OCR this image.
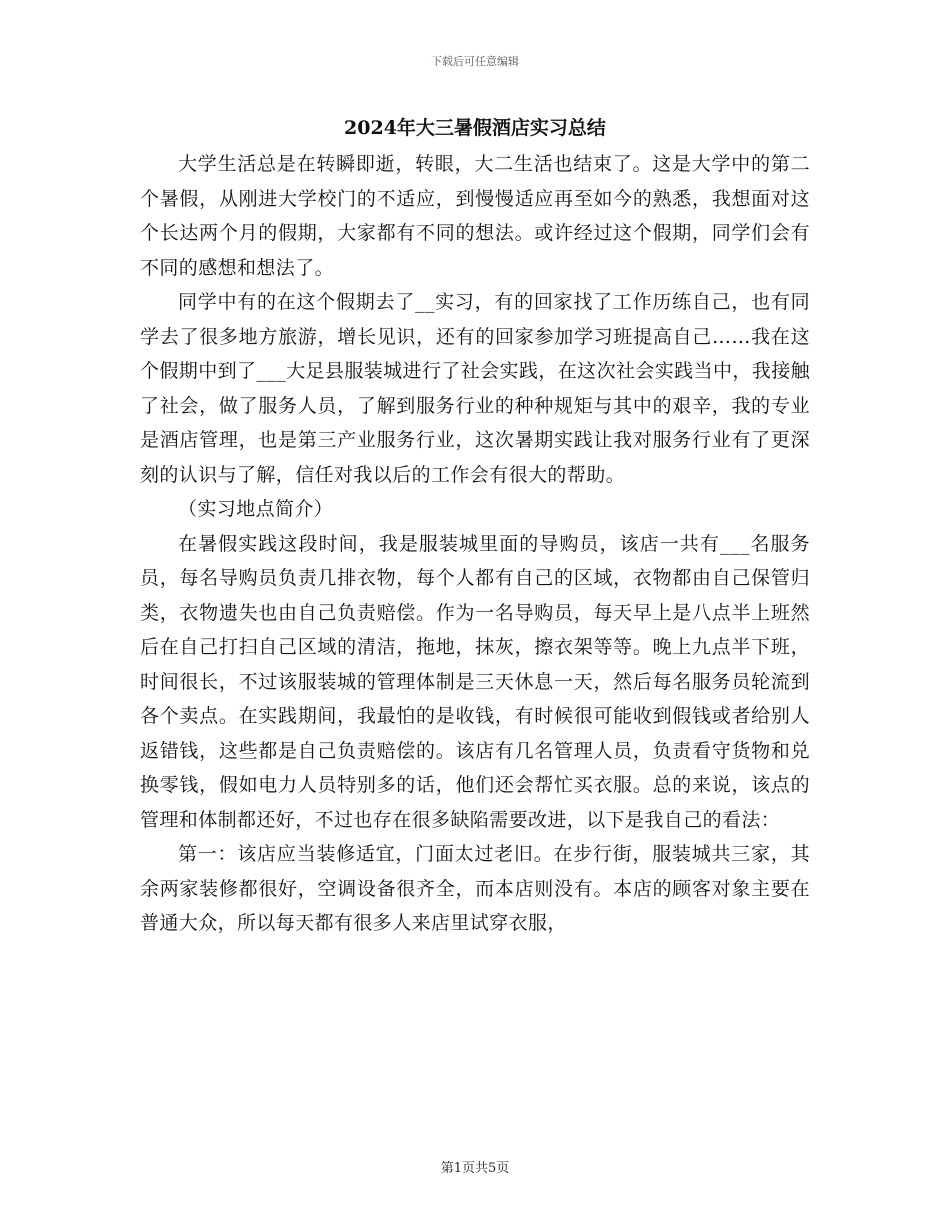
下载后可任意编辑
2024年大三暑假酒店实习总结

大学生活总是在转瞬即逝，转眼，大二生活也结束了。这是大学中的第二个暑假，从刚进大学校门的不适应，到慢慢适应再至如今的熟悉，我想面对这个长达两个月的假期，大家都有不同的想法。或许经过这个假期，同学们会有不同的感想和想法了。

同学中有的在这个假期去了__实习，有的回家找了工作历练自己，也有同学去了很多地方旅游，增长见识，还有的回家参加学习班提高自己……我在这个假期中到了___大足县服装城进行了社会实践，在这次社会实践当中，我接触了社会，做了服务人员，了解到服务行业的种种规矩与其中的艰辛，我的专业是酒店管理，也是第三产业服务行业，这次暑期实践让我对服务行业有了更深刻的认识与了解，信任对我以后的工作会有很大的帮助。

（实习地点简介）

在暑假实践这段时间，我是服装城里面的导购员，该店一共有___名服务员，每名导购员负责几排衣物，每个人都有自己的区域，衣物都由自己保管归类，衣物遗失也由自己负责赔偿。作为一名导购员，每天早上是八点半上班然后在自己打扫自己区域的清洁，拖地，抹灰，擦衣架等等。晚上九点半下班，时间很长，不过该服装城的管理体制是三天休息一天，然后每名服务员轮流到各个卖点。在实践期间，我最怕的是收钱，有时候很可能收到假钱或者给别人返错钱，这些都是自己负责赔偿的。该店有几名管理人员，负责看守货物和兑换零钱，假如电力人员特别多的话，他们还会帮忙买衣服。总的来说，该点的管理和体制都还好，不过也存在很多缺陷需要改进，以下是我自己的看法：

第一：该店应当装修适宜，门面太过老旧。在步行街，服装城共三家，其余两家装修都很好，空调设备很齐全，而本店则没有。本店的顾客对象主要在普通大众，所以每天都有很多人来店里试穿衣服，

第1页共5页
